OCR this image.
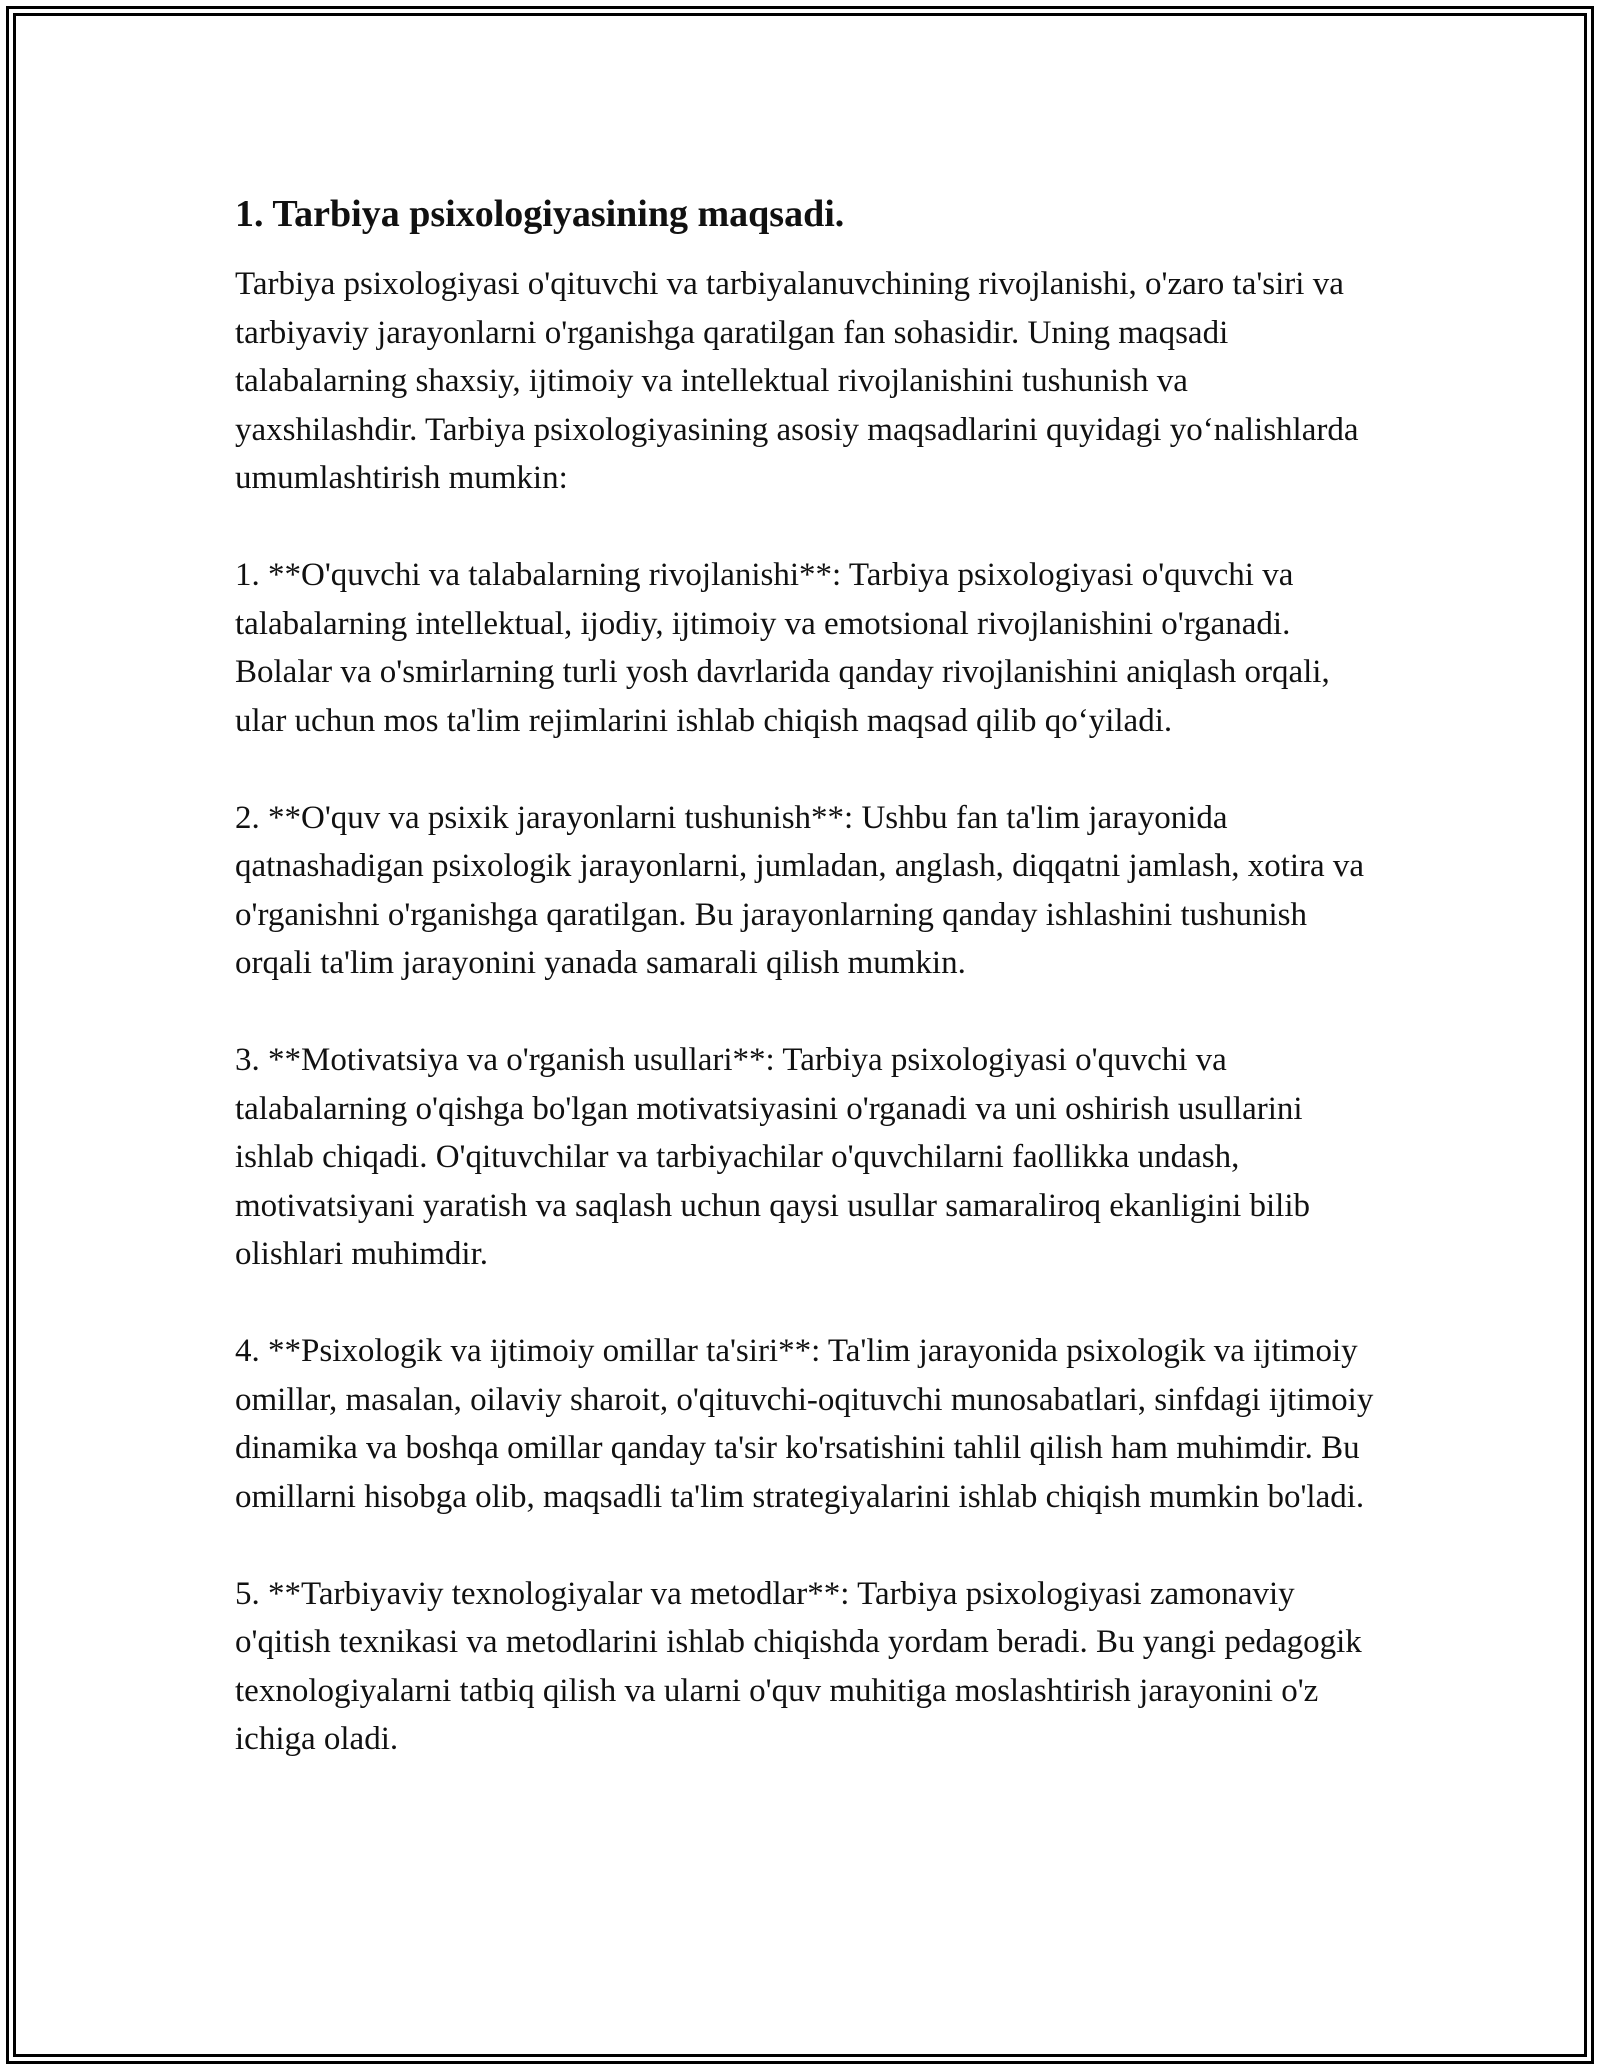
1. Tarbiya psixologiyasining maqsadi.

Tarbiya psixologiyasi o'qituvchi va tarbiyalanuvchining rivojlanishi, o'zaro ta'siri va tarbiyaviy jarayonlarni o'rganishga qaratilgan fan sohasidir. Uning maqsadi talabalarning shaxsiy, ijtimoiy va intellektual rivojlanishini tushunish va yaxshilashdir. Tarbiya psixologiyasining asosiy maqsadlarini quyidagi yo‘nalishlarda umumlashtirish mumkin:

1. **O'quvchi va talabalarning rivojlanishi**: Tarbiya psixologiyasi o'quvchi va talabalarning intellektual, ijodiy, ijtimoiy va emotsional rivojlanishini o'rganadi. Bolalar va o'smirlarning turli yosh davrlarida qanday rivojlanishini aniqlash orqali, ular uchun mos ta'lim rejimlarini ishlab chiqish maqsad qilib qo‘yiladi.

2. **O'quv va psixik jarayonlarni tushunish**: Ushbu fan ta'lim jarayonida qatnashadigan psixologik jarayonlarni, jumladan, anglash, diqqatni jamlash, xotira va o'rganishni o'rganishga qaratilgan. Bu jarayonlarning qanday ishlashini tushunish orqali ta'lim jarayonini yanada samarali qilish mumkin.

3. **Motivatsiya va o'rganish usullari**: Tarbiya psixologiyasi o'quvchi va talabalarning o'qishga bo'lgan motivatsiyasini o'rganadi va uni oshirish usullarini ishlab chiqadi. O'qituvchilar va tarbiyachilar o'quvchilarni faollikka undash, motivatsiyani yaratish va saqlash uchun qaysi usullar samaraliroq ekanligini bilib olishlari muhimdir.

4. **Psixologik va ijtimoiy omillar ta'siri**: Ta'lim jarayonida psixologik va ijtimoiy omillar, masalan, oilaviy sharoit, o'qituvchi-oqituvchi munosabatlari, sinfdagi ijtimoiy dinamika va boshqa omillar qanday ta'sir ko'rsatishini tahlil qilish ham muhimdir. Bu omillarni hisobga olib, maqsadli ta'lim strategiyalarini ishlab chiqish mumkin bo'ladi.

5. **Tarbiyaviy texnologiyalar va metodlar**: Tarbiya psixologiyasi zamonaviy o'qitish texnikasi va metodlarini ishlab chiqishda yordam beradi. Bu yangi pedagogik texnologiyalarni tatbiq qilish va ularni o'quv muhitiga moslashtirish jarayonini o'z ichiga oladi.
